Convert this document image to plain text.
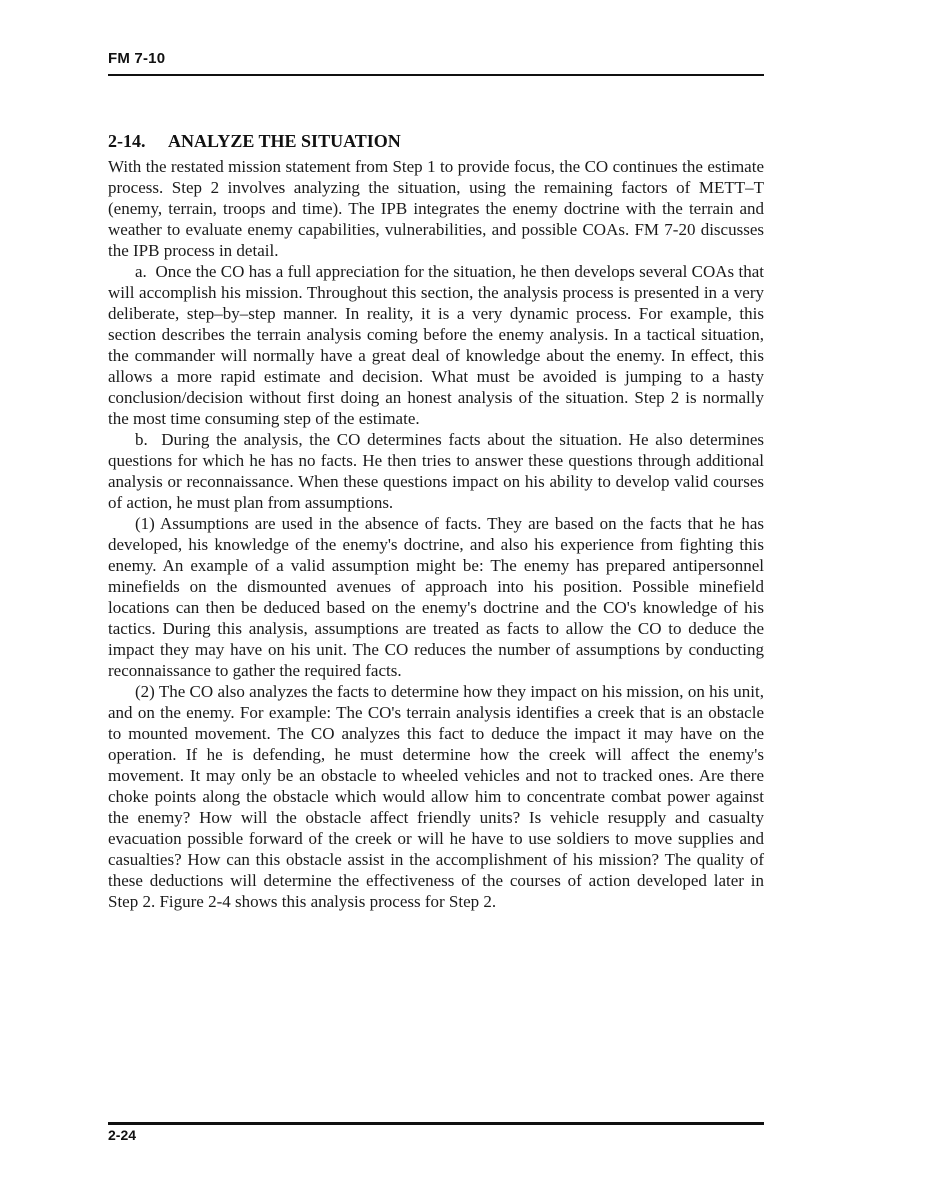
FM 7-10
2-14. ANALYZE THE SITUATION

With the restated mission statement from Step 1 to provide focus, the CO continues the estimate process. Step 2 involves analyzing the situation, using the remaining factors of METT–T (enemy, terrain, troops and time). The IPB integrates the enemy doctrine with the terrain and weather to evaluate enemy capabilities, vulnerabilities, and possible COAs. FM 7-20 discusses the IPB process in detail.

a.  Once the CO has a full appreciation for the situation, he then develops several COAs that will accomplish his mission. Throughout this section, the analysis process is presented in a very deliberate, step–by–step manner. In reality, it is a very dynamic process. For example, this section describes the terrain analysis coming before the enemy analysis. In a tactical situation, the commander will normally have a great deal of knowledge about the enemy. In effect, this allows a more rapid estimate and decision. What must be avoided is jumping to a hasty conclusion/decision without first doing an honest analysis of the situation. Step 2 is normally the most time consuming step of the estimate.

b.  During the analysis, the CO determines facts about the situation. He also determines questions for which he has no facts. He then tries to answer these questions through additional analysis or reconnaissance. When these questions impact on his ability to develop valid courses of action, he must plan from assumptions.

(1) Assumptions are used in the absence of facts. They are based on the facts that he has developed, his knowledge of the enemy's doctrine, and also his experience from fighting this enemy. An example of a valid assumption might be: The enemy has prepared antipersonnel minefields on the dismounted avenues of approach into his position. Possible minefield locations can then be deduced based on the enemy's doctrine and the CO's knowledge of his tactics. During this analysis, assumptions are treated as facts to allow the CO to deduce the impact they may have on his unit. The CO reduces the number of assumptions by conducting reconnaissance to gather the required facts.

(2) The CO also analyzes the facts to determine how they impact on his mission, on his unit, and on the enemy. For example: The CO's terrain analysis identifies a creek that is an obstacle to mounted movement. The CO analyzes this fact to deduce the impact it may have on the operation. If he is defending, he must determine how the creek will affect the enemy's movement. It may only be an obstacle to wheeled vehicles and not to tracked ones. Are there choke points along the obstacle which would allow him to concentrate combat power against the enemy? How will the obstacle affect friendly units? Is vehicle resupply and casualty evacuation possible forward of the creek or will he have to use soldiers to move supplies and casualties? How can this obstacle assist in the accomplishment of his mission? The quality of these deductions will determine the effectiveness of the courses of action developed later in Step 2. Figure 2-4 shows this analysis process for Step 2.

2-24
